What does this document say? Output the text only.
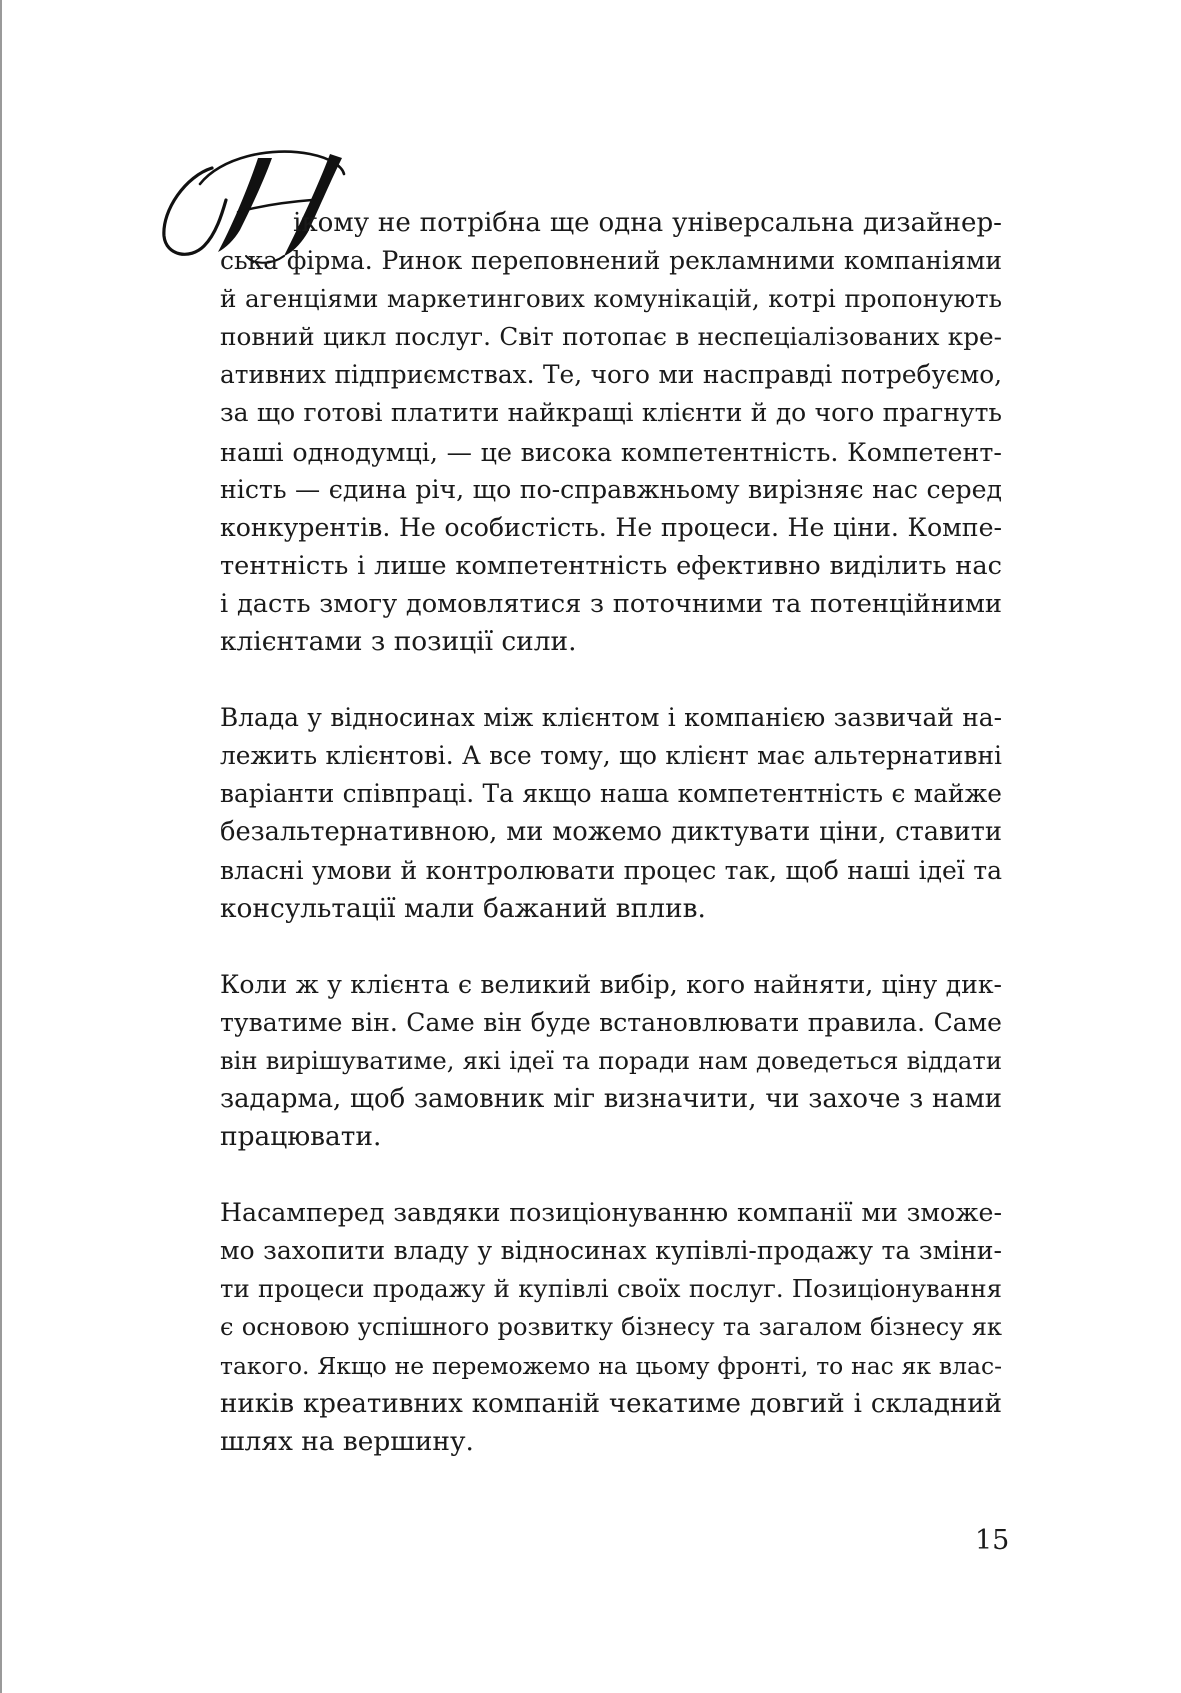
ікому не потрібна ще одна універсальна дизайнер-
ська фірма. Ринок переповнений рекламними компаніями
й агенціями маркетингових комунікацій, котрі пропонують
повний цикл послуг. Світ потопає в неспеціалізованих кре-
ативних підприємствах. Те, чого ми насправді потребуємо,
за що готові платити найкращі клієнти й до чого прагнуть
наші однодумці, — це висока компетентність. Компетент-
ність — єдина річ, що по-справжньому вирізняє нас серед
конкурентів. Не особистість. Не процеси. Не ціни. Компе-
тентність і лише компетентність ефективно виділить нас
і дасть змогу домовлятися з поточними та потенційними
клієнтами з позиції сили.
Влада у відносинах між клієнтом і компанією зазвичай на-
лежить клієнтові. А все тому, що клієнт має альтернативні
варіанти співпраці. Та якщо наша компетентність є майже
безальтернативною, ми можемо диктувати ціни, ставити
власні умови й контролювати процес так, щоб наші ідеї та
консультації мали бажаний вплив.
Коли ж у клієнта є великий вибір, кого найняти, ціну дик-
туватиме він. Саме він буде встановлювати правила. Саме
він вирішуватиме, які ідеї та поради нам доведеться віддати
задарма, щоб замовник міг визначити, чи захоче з нами
працювати.
Насамперед завдяки позиціонуванню компанії ми зможе-
мо захопити владу у відносинах купівлі-продажу та зміни-
ти процеси продажу й купівлі своїх послуг. Позиціонування
є основою успішного розвитку бізнесу та загалом бізнесу як
такого. Якщо не переможемо на цьому фронті, то нас як влас-
ників креативних компаній чекатиме довгий і складний
шлях на вершину.
15
